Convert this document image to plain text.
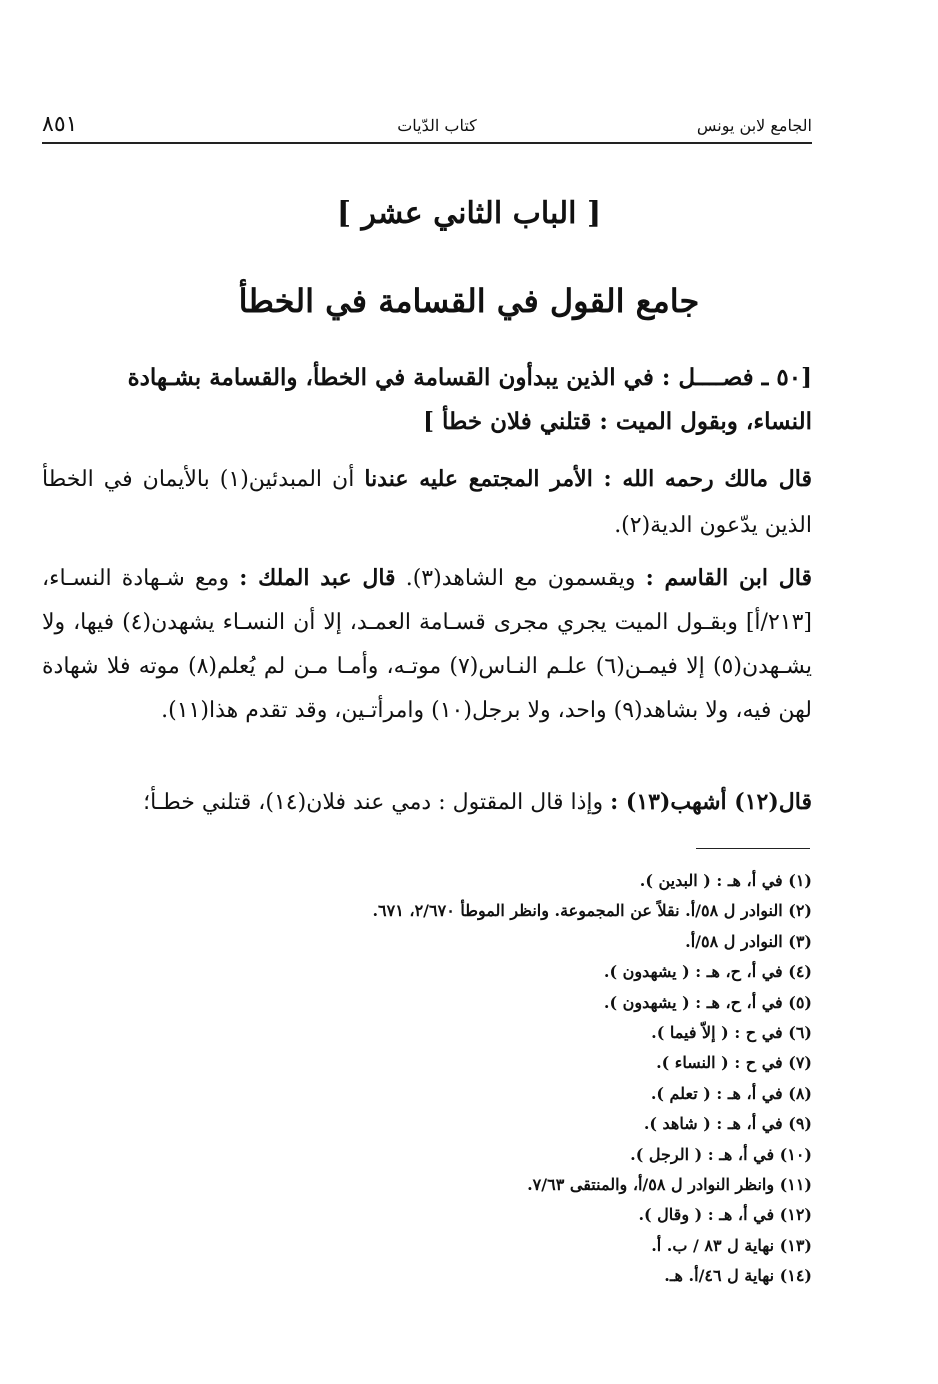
٨٥١	كتاب الدّيات	الجامع لابن يونس
[ الباب الثاني عشر ]
جامع القول في القسامة في الخطأ
[٥٠ ـ فصــــل : في الذين يبدأون القسامة في الخطأ، والقسامة بشـهادة
النساء، وبقول الميت : قتلني فلان خطأ ]
قال مالك رحمه الله : الأمر المجتمع عليه عندنا أن المبدئين(١) بالأيمان في الخطأ الذين يدّعون الدية(٢).
قال ابن القاسم : ويقسمون مع الشاهد(٣). قال عبد الملك : ومع شـهادة النسـاء، [٢١٣/أ] وبقـول الميت يجري مجرى قسـامة العمـد، إلا أن النسـاء يشهدن(٤) فيها، ولا يشـهدن(٥) إلا فيمـن(٦) علـم النـاس(٧) موتـه، وأمـا مـن لم يُعلم(٨) موته فلا شهادة لهن فيه، ولا بشاهد(٩) واحد، ولا برجل(١٠) وامرأتـين، وقد تقدم هذا(١١).
قال(١٢) أشهب(١٣) : وإذا قال المقتول : دمي عند فلان(١٤)، قتلني خطـأ؛
(١) في أ، هـ : ( البدين ).
(٢) النوادر ل ٥٨/أ. نقلاً عن المجموعة. وانظر الموطأ ٢/٦٧٠، ٦٧١.
(٣) النوادر ل ٥٨/أ.
(٤) في أ، ح، هـ : ( يشهدون ).
(٥) في أ، ح، هـ : ( يشهدون ).
(٦) في ح : ( إلاّ فيما ).
(٧) في ح : ( النساء ).
(٨) في أ، هـ : ( تعلم ).
(٩) في أ، هـ : ( شاهد ).
(١٠) في أ، هـ : ( الرجل ).
(١١) وانظر النوادر ل ٥٨/أ، والمنتقى ٧/٦٣.
(١٢) في أ، هـ : ( وقال ).
(١٣) نهاية ل ٨٣ / ب. أ.
(١٤) نهاية ل ٤٦/أ. هـ.
